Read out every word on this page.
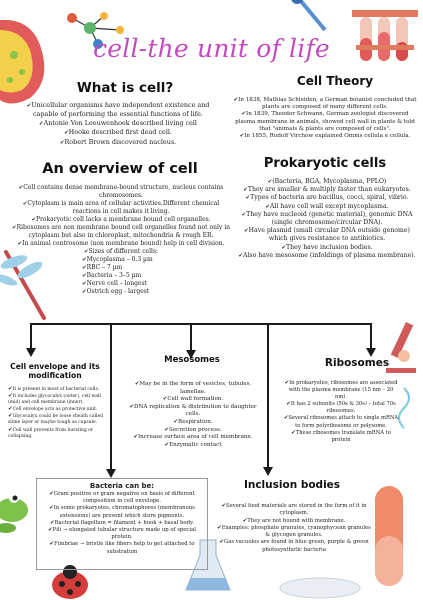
cell-the unit of life
What is cell?
✔ Unicellular organisms have independent existence and capable of performing the essential functions of life.
✔ Antonie Von Leeuwenhoek described living cell
✔ Hooke described first dead cell.
✔ Robert Brown discovered nucleus.
Cell Theory
✔ In 1838, Mathias Schleiden, a German botanist concluded that plants are composed of many different cells.
✔ In 1839, Theodor Schwann, German zoologist discovered plasma membrane in animals, showed cell wall in plants & told that "animals & plants are composed of cells".
✔ In 1855, Rudolf Virchow explained Omnis cellula e cellula.
An overview of cell
✔ Cell contains dense membrane-bound structure, nucleus contains chromosomes.
✔ Cytoplasm is main area of cellular activities.Different chemical reactions in cell makes it living.
✔ Prokaryotic cell lacks a membrane bound cell organelles.
✔ Ribosomes are non membrane bound cell organelles found not only in cytoplasm but also in chloroplast, mitochondria & rough ER.
✔ In animal centrosome (non membrane bound) help in cell division.
✔ Sizes of different cells:
✔ Mycoplasma – 0.3 µm
✔ RBC – 7 µm
✔ Bacteria – 3–5 µm
✔ Nerve cell – longest
✔ Ostrich egg - largest
Prokaryotic cells
✔ (Bacteria, BGA, Mycoplasma, PPLO)
✔ They are smaller & multiply faster than eukaryotes.
✔ Types of bacteria are bacillus, cocci, spiral, vibrio.
✔ All have cell wall except mycoplasma.
✔ They have nucleoid (genetic material), genomic DNA (single chromosome/circular DNA).
✔ Have plasmid (small circular DNA outside genome) which gives resistance to antibiotics.
✔ They have inclusion bodies.
✔ Also have mesosome (infoldings of plasma membrane).
Cell envelope and its modification
✔ It is present in most of bacterial cells.
✔ It includes glycocalyx (outer), cell wall (mid) and cell membrane (inner).
✔ Cell envelope acts as protective unit.
✔ Glycocalyx could be loose sheath called slime layer or maybe tough as capsule.
✔ Cell wall prevents from bursting or collapsing.
Mesosomes
✔ May be in the form of vesicles, tubules, lamellae.
✔ Cell wall formation.
✔ DNA replication & distribution to daughter cells.
✔ Respiration.
✔ Secretion process.
✔ Increase surface area of cell membrane.
✔ Enzymatic contact
Ribosomes
✔ In prokaryotes, ribosomes are associated with the plasma membrane (15 nm – 20 nm).
✔ It has 2 subunits (50s & 30s) – total 70s ribosomes.
✔ Several ribosomes attach to single mRNA to form polyribosome or polysome.
✔ These ribosomes translate mRNA to protein
Bacteria can be:
✔ Gram positive or gram negative on basis of different composition in cell envelope.
✔ In some prokaryotes, chromatophores (membranous extensions) are present which store pigments.
✔ Bacterial flagellum = filament + hook + basal body.
✔ Pili → elongated tubular structure made up of special protein.
✔ Fimbriae → bristle like fibers help to get attached to substratum
Inclusion bodies
✔ Several food materials are stored in the form of it in cytoplasm.
✔ They are not bound with membrane.
✔ Examples: phosphate granules, cyanophycean granules & glycogen granules.
✔ Gas vacuoles are found in blue green, purple & green photosynthetic bacteria
